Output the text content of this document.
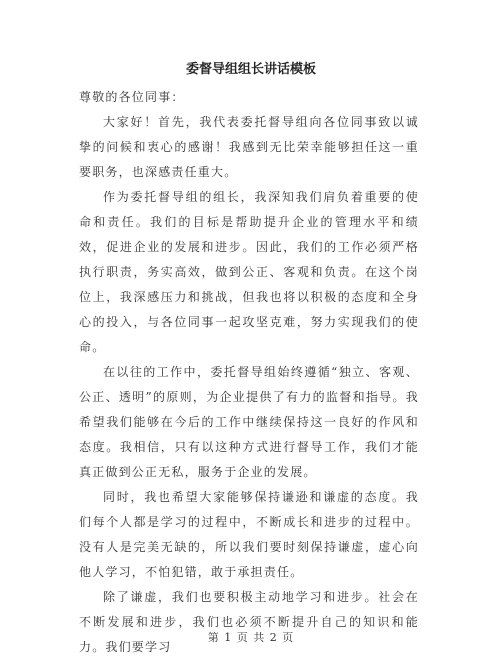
委督导组组长讲话模板

尊敬的各位同事：

大家好！首先，我代表委托督导组向各位同事致以诚挚的问候和衷心的感谢！我感到无比荣幸能够担任这一重要职务，也深感责任重大。

作为委托督导组的组长，我深知我们肩负着重要的使命和责任。我们的目标是帮助提升企业的管理水平和绩效，促进企业的发展和进步。因此，我们的工作必须严格执行职责，务实高效，做到公正、客观和负责。在这个岗位上，我深感压力和挑战，但我也将以积极的态度和全身心的投入，与各位同事一起攻坚克难，努力实现我们的使命。

在以往的工作中，委托督导组始终遵循“独立、客观、公正、透明”的原则，为企业提供了有力的监督和指导。我希望我们能够在今后的工作中继续保持这一良好的作风和态度。我相信，只有以这种方式进行督导工作，我们才能真正做到公正无私，服务于企业的发展。

同时，我也希望大家能够保持谦逊和谦虚的态度。我们每个人都是学习的过程中，不断成长和进步的过程中。没有人是完美无缺的，所以我们要时刻保持谦虚，虚心向他人学习，不怕犯错，敢于承担责任。

除了谦虚，我们也要积极主动地学习和进步。社会在不断发展和进步，我们也必须不断提升自己的知识和能力。我们要学习

第 1 页 共 2 页
